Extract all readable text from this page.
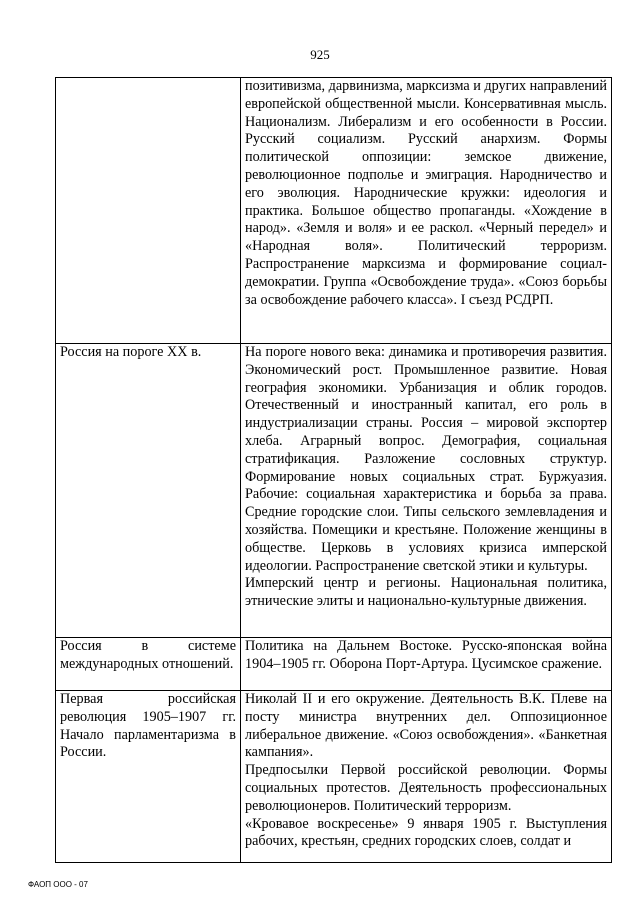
925

	позитивизма, дарвинизма, марксизма и других направлений европейской общественной мысли. Консервативная мысль. Национализм. Либерализм и его особенности в России. Русский социализм. Русский анархизм. Формы политической оппозиции: земское движение, революционное подполье и эмиграция. Народничество и его эволюция. Народнические кружки: идеология и практика. Большое общество пропаганды. «Хождение в народ». «Земля и воля» и ее раскол. «Черный передел» и «Народная воля». Политический терроризм. Распространение марксизма и формирование социал-демократии. Группа «Освобождение труда». «Союз борьбы за освобождение рабочего класса». I съезд РСДРП.

Россия на пороге XX в.	На пороге нового века: динамика и противоречия развития. Экономический рост. Промышленное развитие. Новая география экономики. Урбанизация и облик городов. Отечественный и иностранный капитал, его роль в индустриализации страны. Россия – мировой экспортер хлеба. Аграрный вопрос. Демография, социальная стратификация. Разложение сословных структур. Формирование новых социальных страт. Буржуазия. Рабочие: социальная характеристика и борьба за права. Средние городские слои. Типы сельского землевладения и хозяйства. Помещики и крестьяне. Положение женщины в обществе. Церковь в условиях кризиса имперской идеологии. Распространение светской этики и культуры.

Имперский центр и регионы. Национальная политика, этнические элиты и национально-культурные движения.

Россия в системе международных отношений.	Политика на Дальнем Востоке. Русско-японская война 1904–1905 гг. Оборона Порт-Артура. Цусимское сражение.

Первая российская революция 1905–1907 гг. Начало парламентаризма в России.	Николай II и его окружение. Деятельность В.К. Плеве на посту министра внутренних дел. Оппозиционное либеральное движение. «Союз освобождения». «Банкетная кампания».

Предпосылки Первой российской революции. Формы социальных протестов. Деятельность профессиональных революционеров. Политический терроризм.

«Кровавое воскресенье» 9 января 1905 г. Выступления рабочих, крестьян, средних городских слоев, солдат и

ФАОП ООО - 07
